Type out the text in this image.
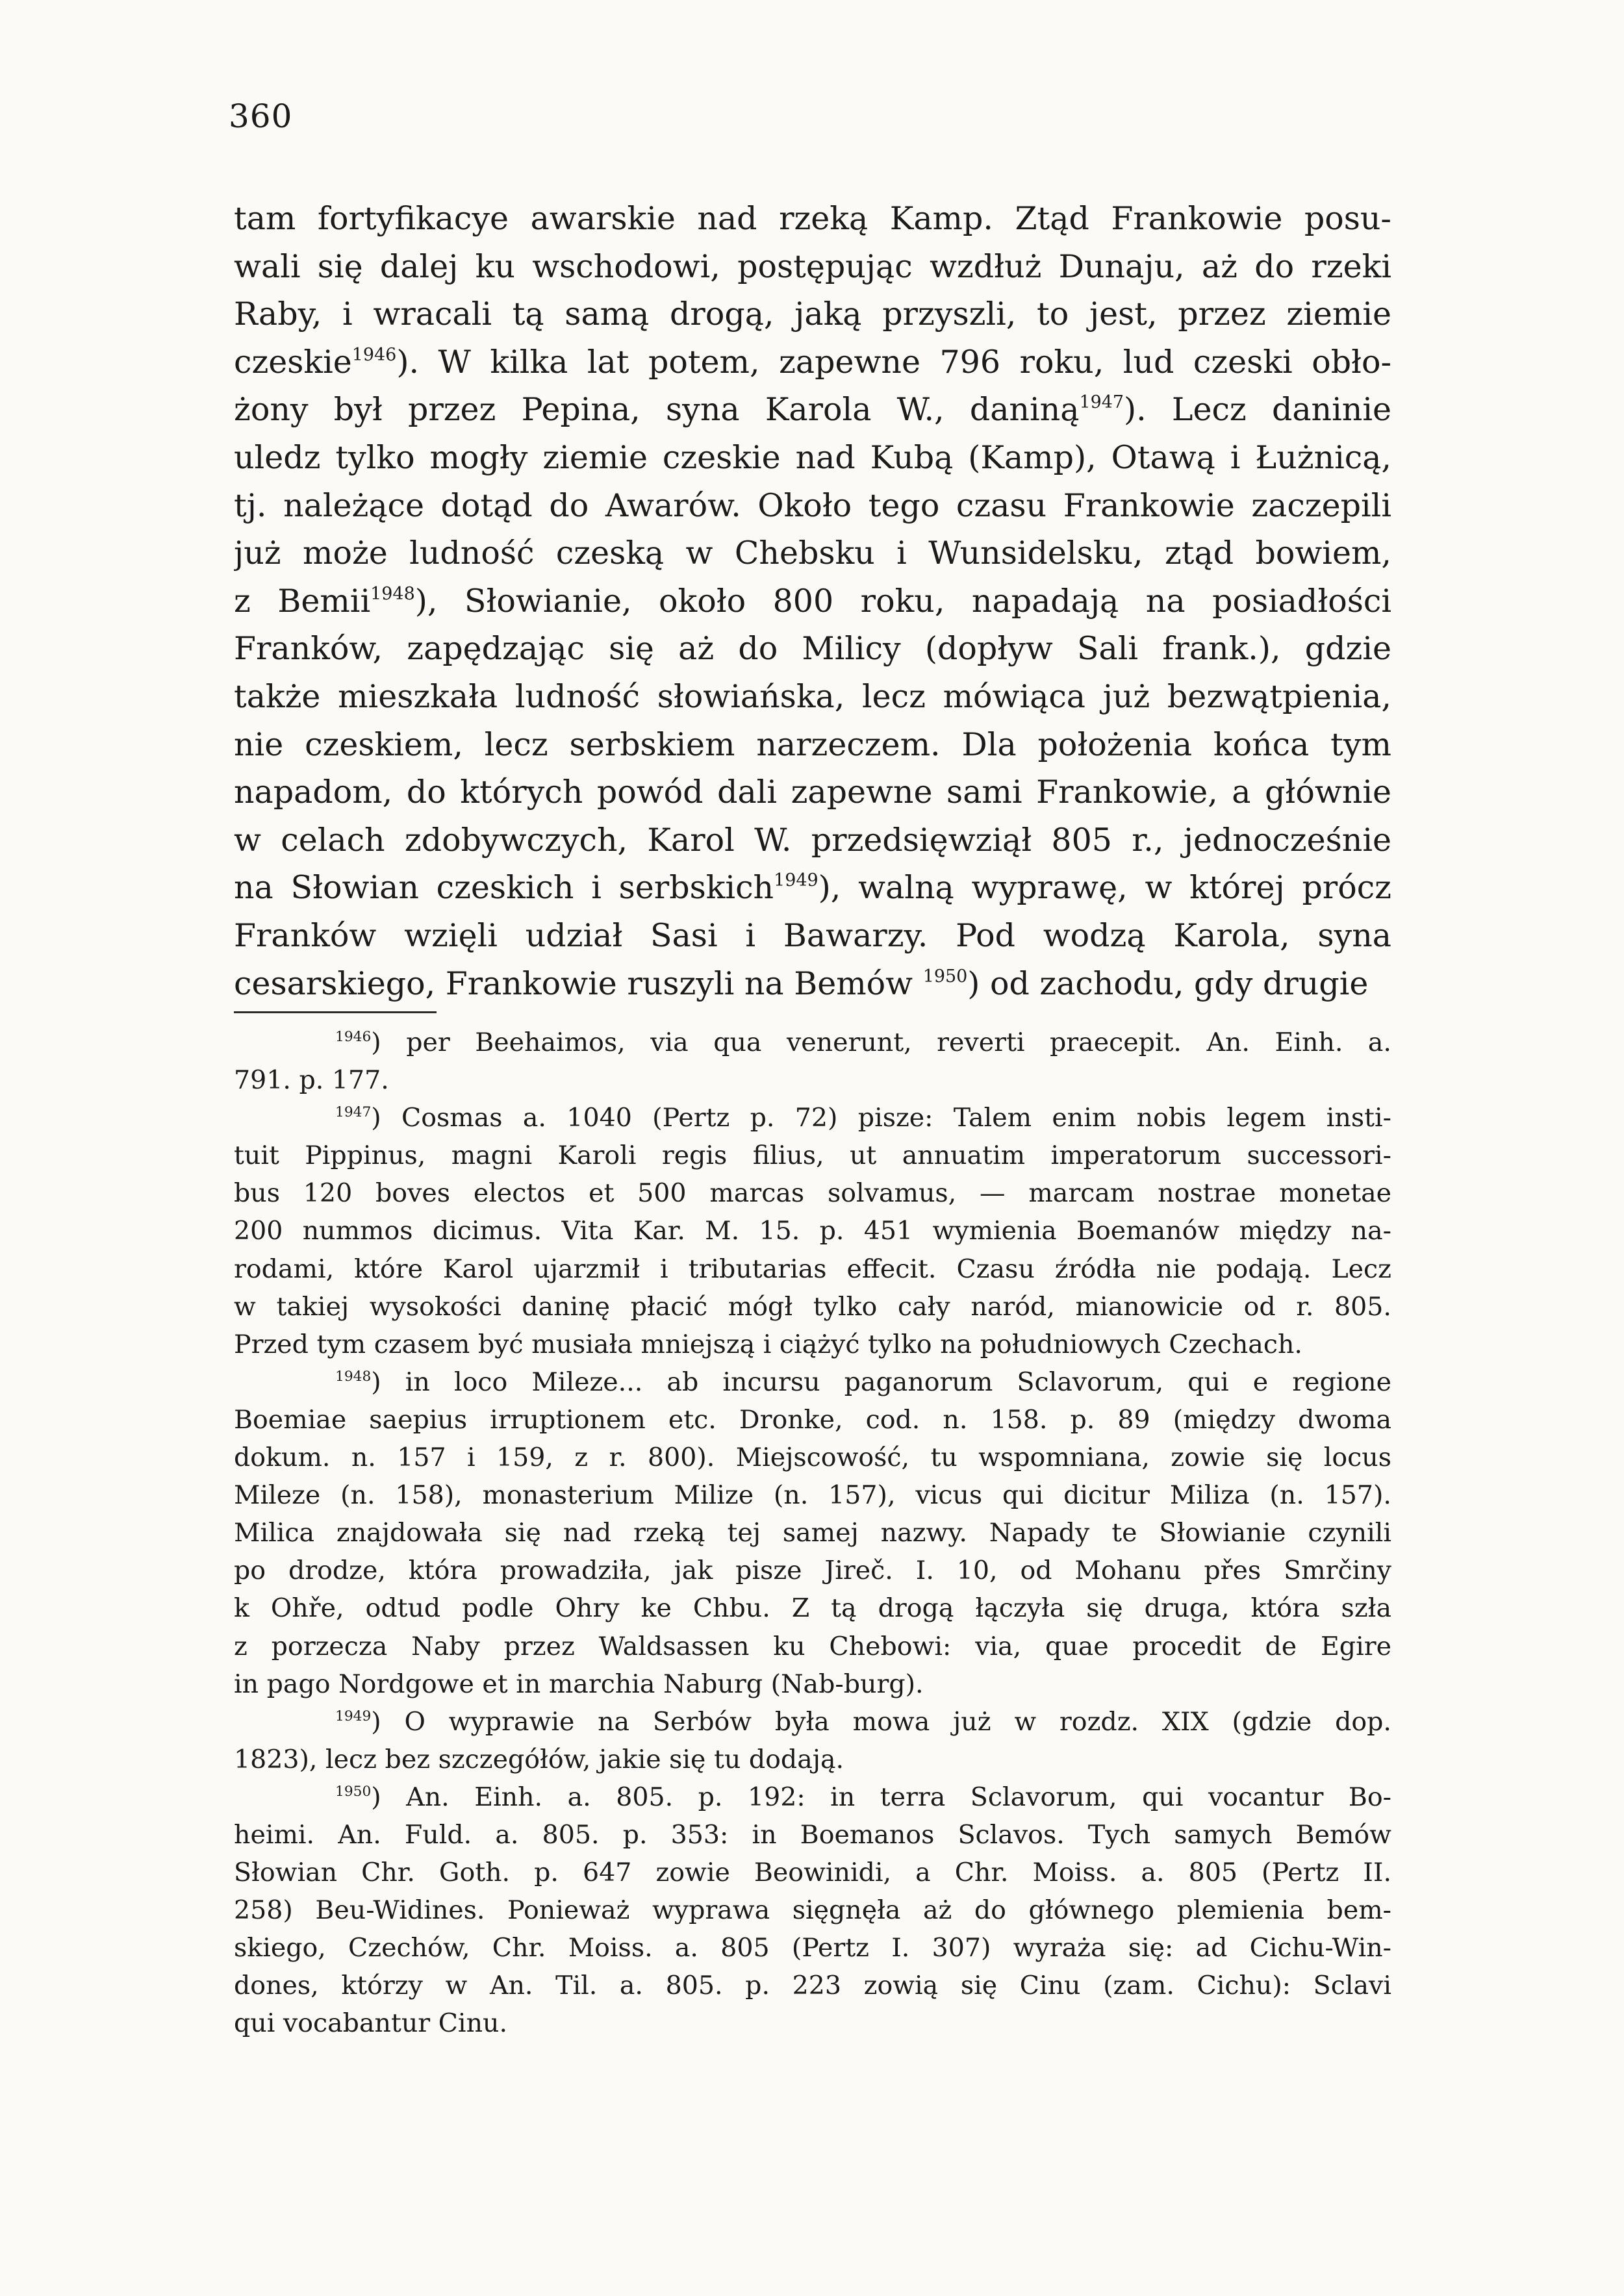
360
tam fortyfikacye awarskie nad rzeką Kamp. Ztąd Frankowie posu-
wali się dalej ku wschodowi, postępując wzdłuż Dunaju, aż do rzeki
Raby, i wracali tą samą drogą, jaką przyszli, to jest, przez ziemie
czeskie$^{1946}$). W kilka lat potem, zapewne 796 roku, lud czeski obło-
żony był przez Pepina, syna Karola W., daniną$^{1947}$). Lecz daninie
uledz tylko mogły ziemie czeskie nad Kubą (Kamp), Otawą i Łużnicą,
tj. należące dotąd do Awarów. Około tego czasu Frankowie zaczepili
już może ludność czeską w Chebsku i Wunsidelsku, ztąd bowiem,
z Bemii$^{1948}$), Słowianie, około 800 roku, napadają na posiadłości
Franków, zapędzając się aż do Milicy (dopływ Sali frank.), gdzie
także mieszkała ludność słowiańska, lecz mówiąca już bezwątpienia,
nie czeskiem, lecz serbskiem narzeczem. Dla położenia końca tym
napadom, do których powód dali zapewne sami Frankowie, a głównie
w celach zdobywczych, Karol W. przedsięwziął 805 r., jednocześnie
na Słowian czeskich i serbskich$^{1949}$), walną wyprawę, w której prócz
Franków wzięli udział Sasi i Bawarzy. Pod wodzą Karola, syna
cesarskiego, Frankowie ruszyli na Bemów $^{1950}$) od zachodu, gdy drugie
$^{1946}$) per Beehaimos, via qua venerunt, reverti praecepit. An. Einh. a.
791. p. 177.
$^{1947}$) Cosmas a. 1040 (Pertz p. 72) pisze: Talem enim nobis legem insti-
tuit Pippinus, magni Karoli regis filius, ut annuatim imperatorum successori-
bus 120 boves electos et 500 marcas solvamus, — marcam nostrae monetae
200 nummos dicimus. Vita Kar. M. 15. p. 451 wymienia Boemanów między na-
rodami, które Karol ujarzmił i tributarias effecit. Czasu źródła nie podają. Lecz
w takiej wysokości daninę płacić mógł tylko cały naród, mianowicie od r. 805.
Przed tym czasem być musiała mniejszą i ciążyć tylko na południowych Czechach.
$^{1948}$) in loco Mileze... ab incursu paganorum Sclavorum, qui e regione
Boemiae saepius irruptionem etc. Dronke, cod. n. 158. p. 89 (między dwoma
dokum. n. 157 i 159, z r. 800). Miejscowość, tu wspomniana, zowie się locus
Mileze (n. 158), monasterium Milize (n. 157), vicus qui dicitur Miliza (n. 157).
Milica znajdowała się nad rzeką tej samej nazwy. Napady te Słowianie czynili
po drodze, która prowadziła, jak pisze Jireč. I. 10, od Mohanu přes Smrčiny
k Ohře, odtud podle Ohry ke Chbu. Z tą drogą łączyła się druga, która szła
z porzecza Naby przez Waldsassen ku Chebowi: via, quae procedit de Egire
in pago Nordgowe et in marchia Naburg (Nab-burg).
$^{1949}$) O wyprawie na Serbów była mowa już w rozdz. XIX (gdzie dop.
1823), lecz bez szczegółów, jakie się tu dodają.
$^{1950}$) An. Einh. a. 805. p. 192: in terra Sclavorum, qui vocantur Bo-
heimi. An. Fuld. a. 805. p. 353: in Boemanos Sclavos. Tych samych Bemów
Słowian Chr. Goth. p. 647 zowie Beowinidi, a Chr. Moiss. a. 805 (Pertz II.
258) Beu-Widines. Ponieważ wyprawa sięgnęła aż do głównego plemienia bem-
skiego, Czechów, Chr. Moiss. a. 805 (Pertz I. 307) wyraża się: ad Cichu-Win-
dones, którzy w An. Til. a. 805. p. 223 zowią się Cinu (zam. Cichu): Sclavi
qui vocabantur Cinu.
